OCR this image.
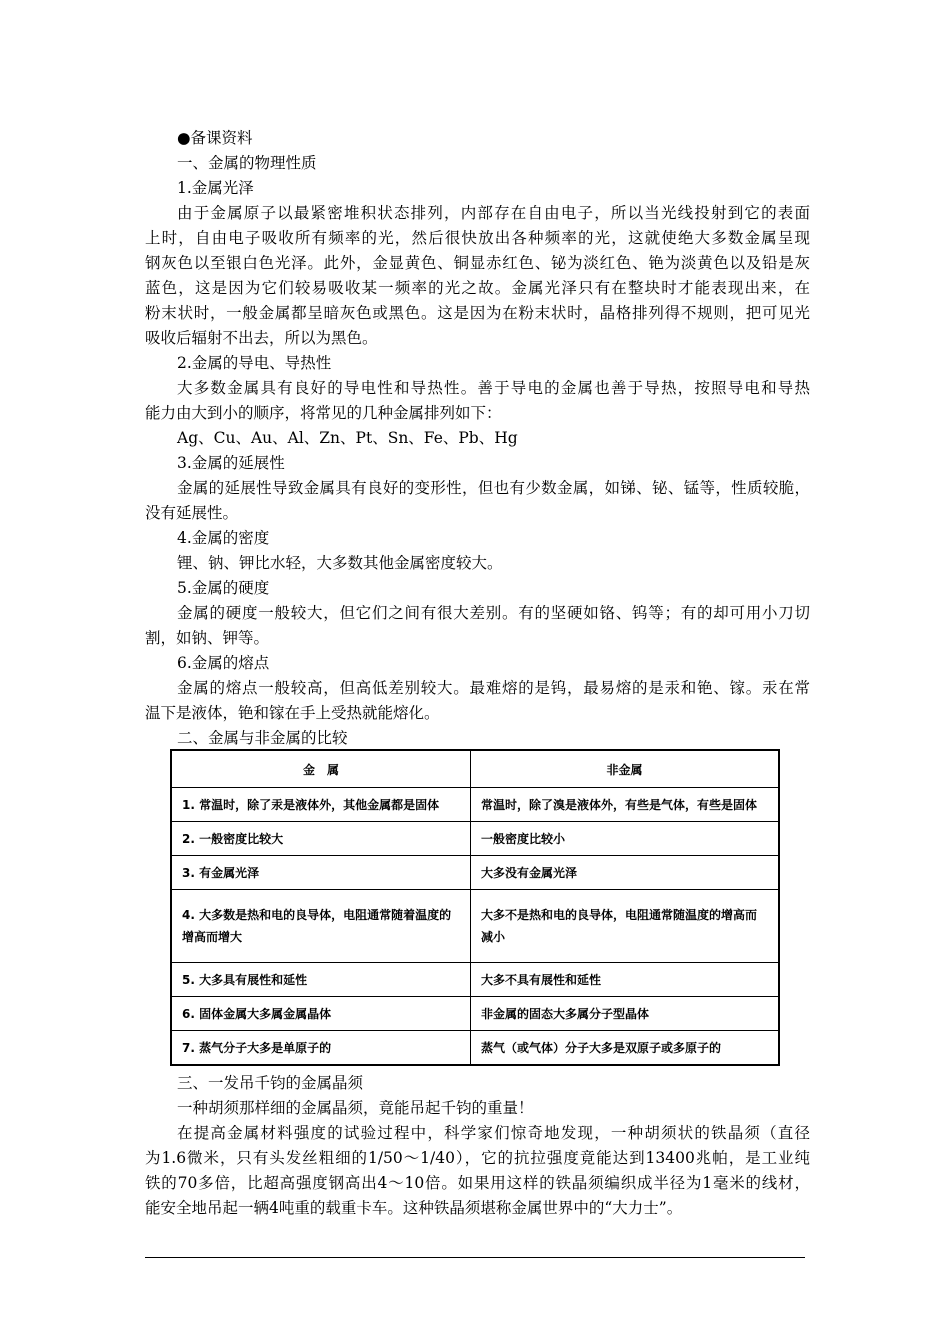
●备课资料
一、金属的物理性质
1.金属光泽
由于金属原子以最紧密堆积状态排列，内部存在自由电子，所以当光线投射到它的表面
上时，自由电子吸收所有频率的光，然后很快放出各种频率的光，这就使绝大多数金属呈现
钢灰色以至银白色光泽。此外，金显黄色、铜显赤红色、铋为淡红色、铯为淡黄色以及铅是灰
蓝色，这是因为它们较易吸收某一频率的光之故。金属光泽只有在整块时才能表现出来，在
粉末状时，一般金属都呈暗灰色或黑色。这是因为在粉末状时，晶格排列得不规则，把可见光
吸收后辐射不出去，所以为黑色。
2.金属的导电、导热性
大多数金属具有良好的导电性和导热性。善于导电的金属也善于导热，按照导电和导热
能力由大到小的顺序，将常见的几种金属排列如下：
Ag、Cu、Au、Al、Zn、Pt、Sn、Fe、Pb、Hg
3.金属的延展性
金属的延展性导致金属具有良好的变形性，但也有少数金属，如锑、铋、锰等，性质较脆，
没有延展性。
4.金属的密度
锂、钠、钾比水轻，大多数其他金属密度较大。
5.金属的硬度
金属的硬度一般较大，但它们之间有很大差别。有的坚硬如铬、钨等；有的却可用小刀切
割，如钠、钾等。
6.金属的熔点
金属的熔点一般较高，但高低差别较大。最难熔的是钨，最易熔的是汞和铯、镓。汞在常
温下是液体，铯和镓在手上受热就能熔化。
二、金属与非金属的比较
金　属	非金属
1. 常温时，除了汞是液体外，其他金属都是固体	常温时，除了溴是液体外，有些是气体，有些是固体
2. 一般密度比较大	一般密度比较小
3. 有金属光泽	大多没有金属光泽
4. 大多数是热和电的良导体，电阻通常随着温度的增高而增大	大多不是热和电的良导体，电阻通常随温度的增高而减小
5. 大多具有展性和延性	大多不具有展性和延性
6. 固体金属大多属金属晶体	非金属的固态大多属分子型晶体
7. 蒸气分子大多是单原子的	蒸气（或气体）分子大多是双原子或多原子的
三、一发吊千钧的金属晶须
一种胡须那样细的金属晶须，竟能吊起千钧的重量！
在提高金属材料强度的试验过程中，科学家们惊奇地发现，一种胡须状的铁晶须（直径
为1.6微米，只有头发丝粗细的1/50～1/40），它的抗拉强度竟能达到13400兆帕，是工业纯
铁的70多倍，比超高强度钢高出4～10倍。如果用这样的铁晶须编织成半径为1毫米的线材，
能安全地吊起一辆4吨重的载重卡车。这种铁晶须堪称金属世界中的“大力士”。
